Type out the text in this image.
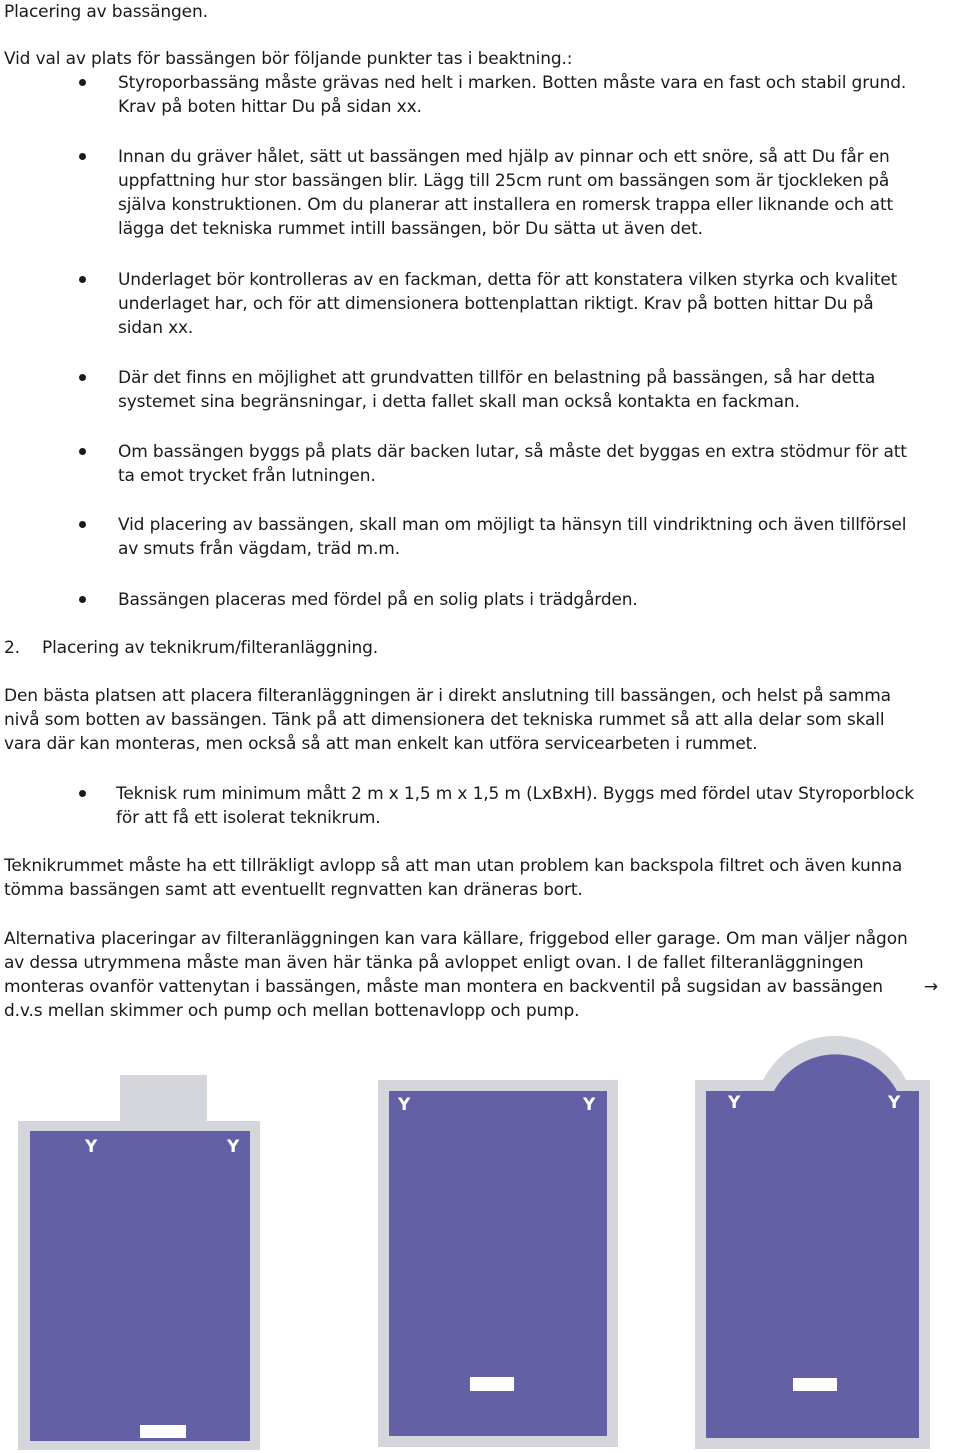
Placering av bassängen.
Vid val av plats för bassängen bör följande punkter tas i beaktning.:
Styroporbassäng måste grävas ned helt i marken. Botten måste vara en fast och stabil grund.
Krav på boten hittar Du på sidan xx.
Innan du gräver hålet, sätt ut bassängen med hjälp av pinnar och ett snöre, så att Du får en
uppfattning hur stor bassängen blir. Lägg till 25cm runt om bassängen som är tjockleken på
själva konstruktionen. Om du planerar att installera en romersk trappa eller liknande och att
lägga det tekniska rummet intill bassängen, bör Du sätta ut även det.
Underlaget bör kontrolleras av en fackman, detta för att konstatera vilken styrka och kvalitet
underlaget har, och för att dimensionera bottenplattan riktigt. Krav på botten hittar Du på
sidan xx.
Där det finns en möjlighet att grundvatten tillför en belastning på bassängen, så har detta
systemet sina begränsningar, i detta fallet skall man också kontakta en fackman.
Om bassängen byggs på plats där backen lutar, så måste det byggas en extra stödmur för att
ta emot trycket från lutningen.
Vid placering av bassängen, skall man om möjligt ta hänsyn till vindriktning och även tillförsel
av smuts från vägdam, träd m.m.
Bassängen placeras med fördel på en solig plats i trädgården.
2. Placering av teknikrum/filteranläggning.
Den bästa platsen att placera filteranläggningen är i direkt anslutning till bassängen, och helst på samma
nivå som botten av bassängen. Tänk på att dimensionera det tekniska rummet så att alla delar som skall
vara där kan monteras, men också så att man enkelt kan utföra servicearbeten i rummet.
Teknisk rum minimum mått 2 m x 1,5 m x 1,5 m (LxBxH). Byggs med fördel utav Styroporblock
för att få ett isolerat teknikrum.
Teknikrummet måste ha ett tillräkligt avlopp så att man utan problem kan backspola filtret och även kunna
tömma bassängen samt att eventuellt regnvatten kan dräneras bort.
Alternativa placeringar av filteranläggningen kan vara källare, friggebod eller garage. Om man väljer någon
av dessa utrymmena måste man även här tänka på avloppet enligt ovan. I de fallet filteranläggningen
monteras ovanför vattenytan i bassängen, måste man montera en backventil på sugsidan av bassängen →
d.v.s mellan skimmer och pump och mellan bottenavlopp och pump.
Y	Y
Y	Y	Y	Y
